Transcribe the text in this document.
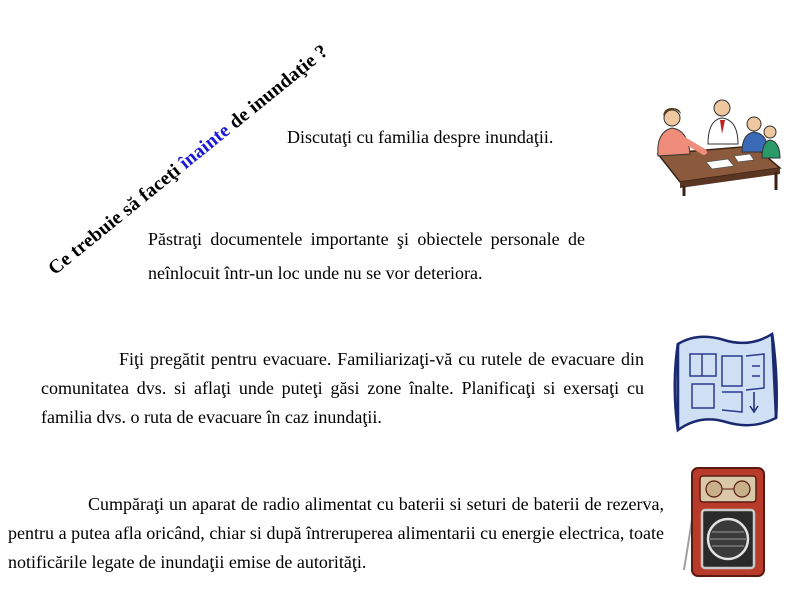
Ce trebuie să faceţi înainte de inundaţie ?
Discutaţi cu familia despre inundaţii.
Păstraţi documentele importante şi obiectele personale de neînlocuit într-un loc unde nu se vor deteriora.
Fiţi pregătit pentru evacuare. Familiarizaţi-vă cu rutele de evacuare din comunitatea dvs. si aflaţi unde puteţi găsi zone înalte. Planificaţi si exersaţi cu familia dvs. o ruta de evacuare în caz inundaţii.
Cumpăraţi un aparat de radio alimentat cu baterii si seturi de baterii de rezerva, pentru a putea afla oricând, chiar si după întreruperea alimentarii cu energie electrica, toate notificările legate de inundaţii emise de autorităţi.
